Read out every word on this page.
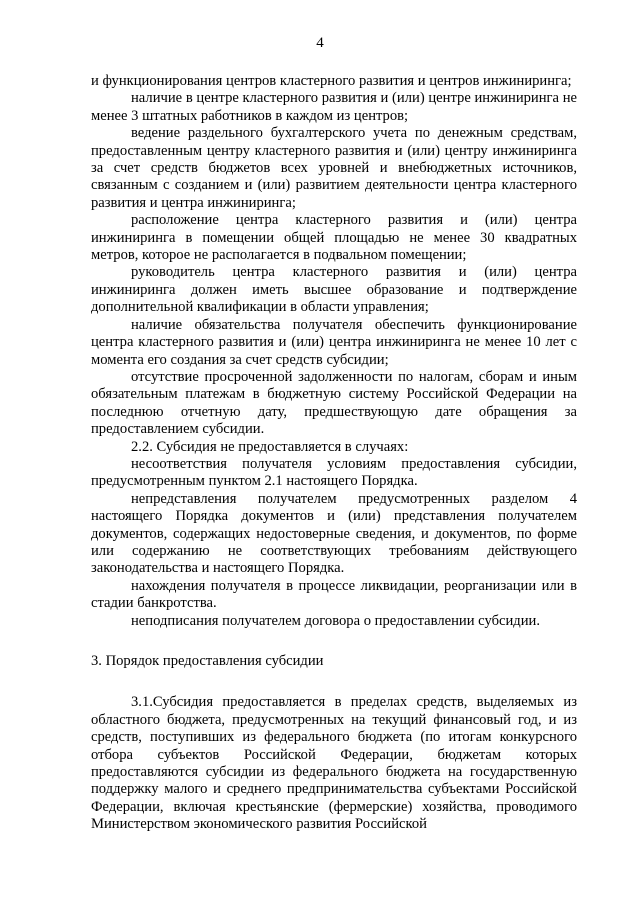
4

и функционирования центров кластерного развития и центров инжиниринга;

наличие в центре кластерного развития и (или) центре инжиниринга не менее 3 штатных работников в каждом из центров;

ведение раздельного бухгалтерского учета по денежным средствам, предоставленным центру кластерного развития и (или) центру инжиниринга за счет средств бюджетов всех уровней и внебюджетных источников, связанным с созданием и (или) развитием деятельности центра кластерного развития и центра инжиниринга;

расположение центра кластерного развития и (или) центра инжиниринга в помещении общей площадью не менее 30 квадратных метров, которое не располагается в подвальном помещении;

руководитель центра кластерного развития и (или) центра инжиниринга должен иметь высшее образование и подтверждение дополнительной квалификации в области управления;

наличие обязательства получателя обеспечить функционирование центра кластерного развития и (или) центра инжиниринга не менее 10 лет с момента его создания за счет средств субсидии;

отсутствие просроченной задолженности по налогам, сборам и иным обязательным платежам в бюджетную систему Российской Федерации на последнюю отчетную дату, предшествующую дате обращения за предоставлением субсидии.

2.2. Субсидия не предоставляется в случаях:

несоответствия получателя условиям предоставления субсидии, предусмотренным пунктом 2.1 настоящего Порядка.

непредставления получателем предусмотренных разделом 4 настоящего Порядка документов и (или) представления получателем документов, содержащих недостоверные сведения, и документов, по форме или содержанию не соответствующих требованиям действующего законодательства и настоящего Порядка.

нахождения получателя в процессе ликвидации, реорганизации или в стадии банкротства.

неподписания получателем договора о предоставлении субсидии.

3. Порядок предоставления субсидии

3.1.Субсидия предоставляется в пределах средств, выделяемых из областного бюджета, предусмотренных на текущий финансовый год, и из средств, поступивших из федерального бюджета (по итогам конкурсного отбора субъектов Российской Федерации, бюджетам которых предоставляются субсидии из федерального бюджета на государственную поддержку малого и среднего предпринимательства субъектами Российской Федерации, включая крестьянские (фермерские) хозяйства, проводимого Министерством экономического развития Российской
